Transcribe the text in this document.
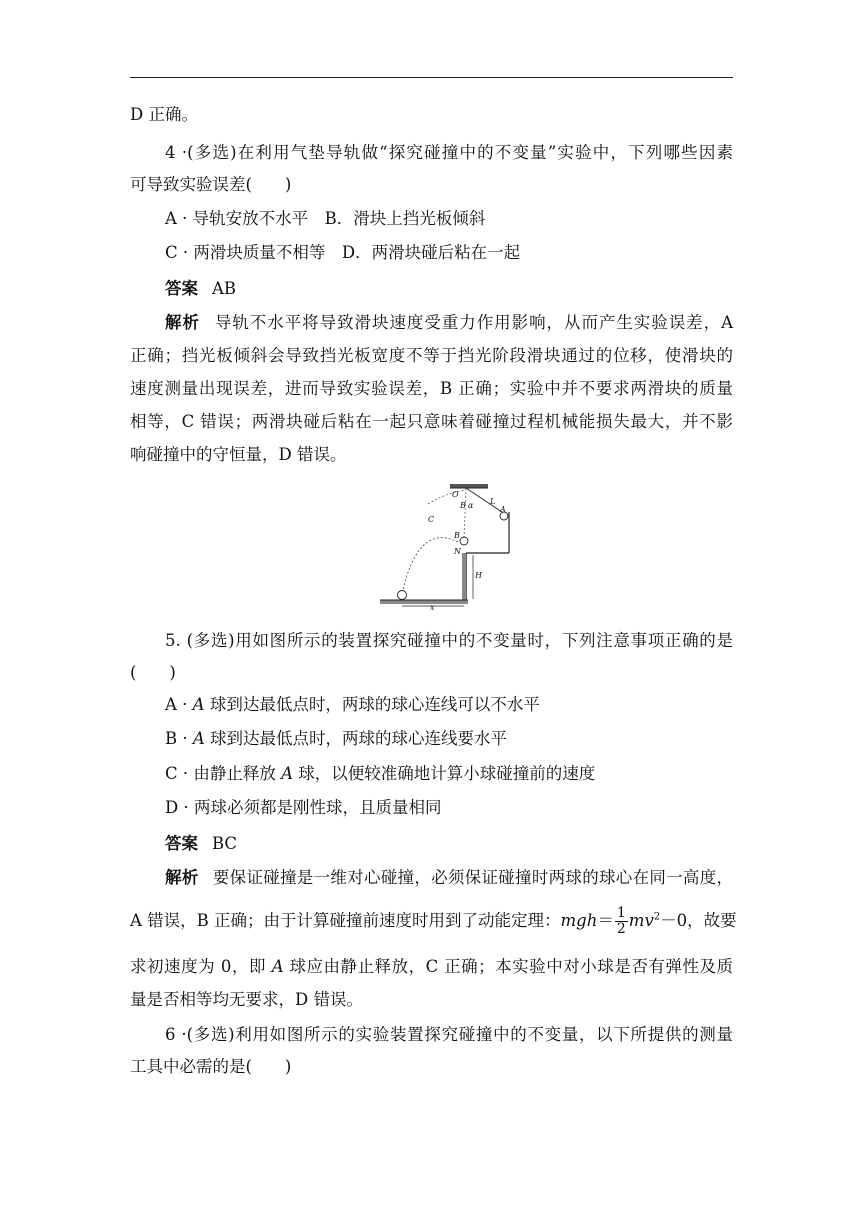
D 正确。
4 ·(多选)在利用气垫导轨做“探究碰撞中的不变量”实验中，下列哪些因素
可导致实验误差(　　)
A · 导轨安放不水平　B．滑块上挡光板倾斜
C · 两滑块质量不相等　D．两滑块碰后粘在一起
答案 AB
解析 导轨不水平将导致滑块速度受重力作用影响，从而产生实验误差，A
正确；挡光板倾斜会导致挡光板宽度不等于挡光阶段滑块通过的位移，使滑块的
速度测量出现误差，进而导致实验误差，B 正确；实验中并不要求两滑块的质量
相等，C 错误；两滑块碰后粘在一起只意味着碰撞过程机械能损失最大，并不影
响碰撞中的守恒量，D 错误。
O
B α L
A
C
B
N
H
x
5. (多选)用如图所示的装置探究碰撞中的不变量时，下列注意事项正确的是
(　　)
A · A 球到达最低点时，两球的球心连线可以不水平
B · A 球到达最低点时，两球的球心连线要水平
C · 由静止释放 A 球，以便较准确地计算小球碰撞前的速度
D · 两球必须都是刚性球，且质量相同
答案 BC
解析 要保证碰撞是一维对心碰撞，必须保证碰撞时两球的球心在同一高度，
A 错误，B 正确；由于计算碰撞前速度时用到了动能定理：$mgh= \frac{1}{2} mv^2-0$，故要
求初速度为 0，即 A 球应由静止释放，C 正确；本实验中对小球是否有弹性及质
量是否相等均无要求，D 错误。
6 ·(多选)利用如图所示的实验装置探究碰撞中的不变量，以下所提供的测量
工具中必需的是(　　)
